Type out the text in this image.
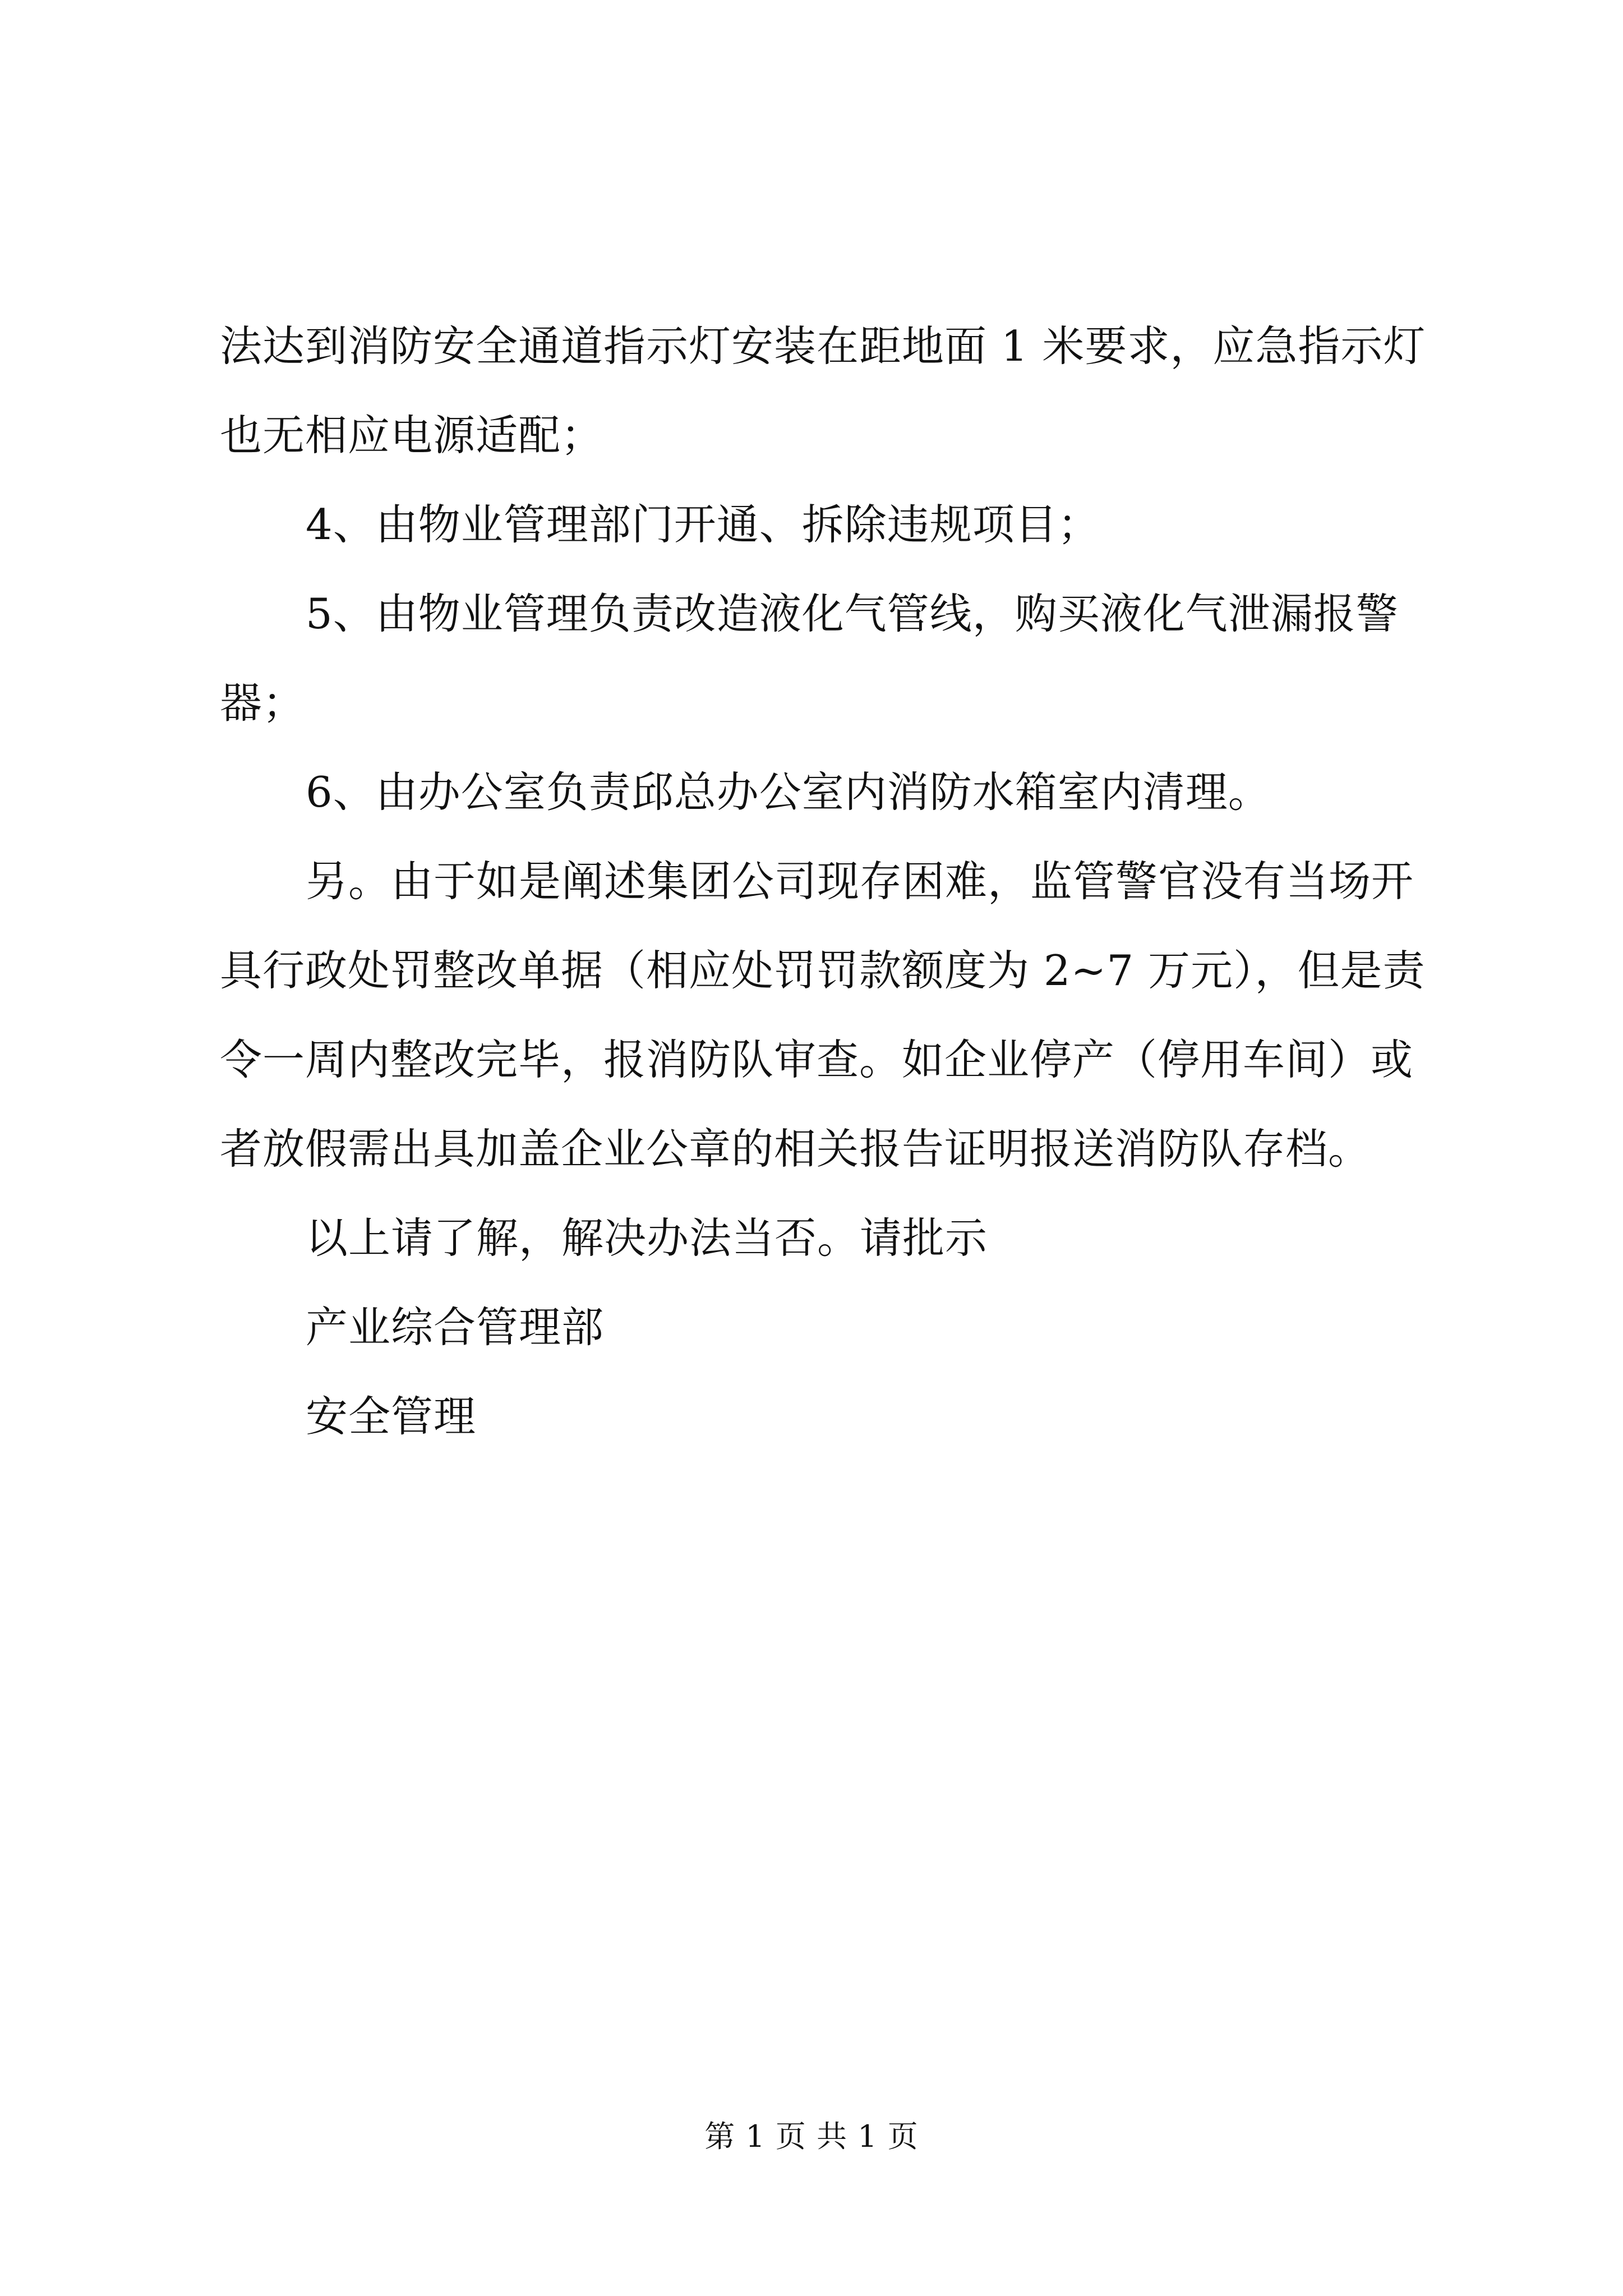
法达到消防安全通道指示灯安装在距地面 1 米要求，应急指示灯
也无相应电源适配；
4、由物业管理部门开通、拆除违规项目；
5、由物业管理负责改造液化气管线，购买液化气泄漏报警
器；
6、由办公室负责邱总办公室内消防水箱室内清理。
另。由于如是阐述集团公司现存困难，监管警官没有当场开
具行政处罚整改单据（相应处罚罚款额度为 2~7 万元），但是责
令一周内整改完毕，报消防队审查。如企业停产（停用车间）或
者放假需出具加盖企业公章的相关报告证明报送消防队存档。
以上请了解，解决办法当否。请批示
产业综合管理部
安全管理
第 1 页 共 1 页
